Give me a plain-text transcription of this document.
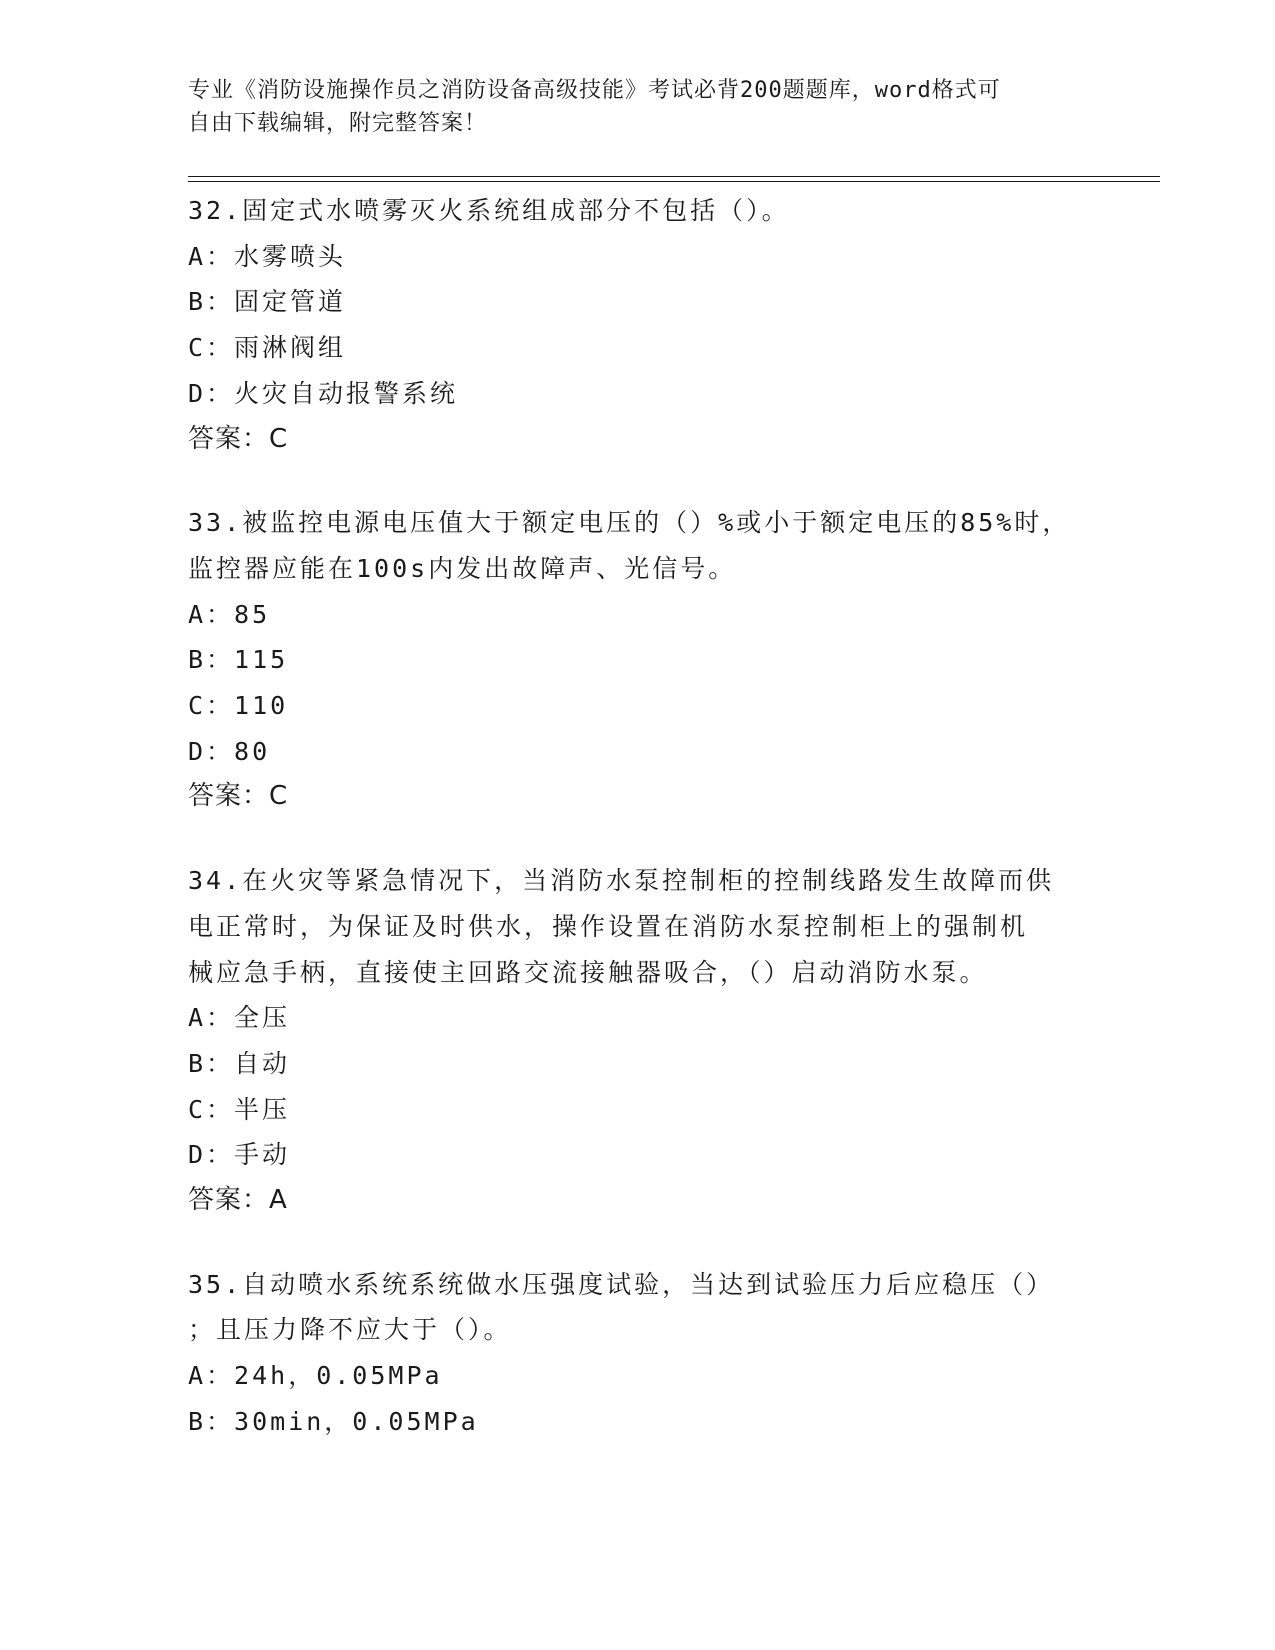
专业《消防设施操作员之消防设备高级技能》考试必背200题题库，word格式可
自由下载编辑，附完整答案！
32.固定式水喷雾灭火系统组成部分不包括（）。
A：水雾喷头
B：固定管道
C：雨淋阀组
D：火灾自动报警系统
答案：C
33.被监控电源电压值大于额定电压的（）%或小于额定电压的85%时，
监控器应能在100s内发出故障声、光信号。
A：85
B：115
C：110
D：80
答案：C
34.在火灾等紧急情况下，当消防水泵控制柜的控制线路发生故障而供
电正常时，为保证及时供水，操作设置在消防水泵控制柜上的强制机
械应急手柄，直接使主回路交流接触器吸合，（）启动消防水泵。
A：全压
B：自动
C：半压
D：手动
答案：A
35.自动喷水系统系统做水压强度试验，当达到试验压力后应稳压（）
；且压力降不应大于（）。
A：24h，0.05MPa
B：30min，0.05MPa
